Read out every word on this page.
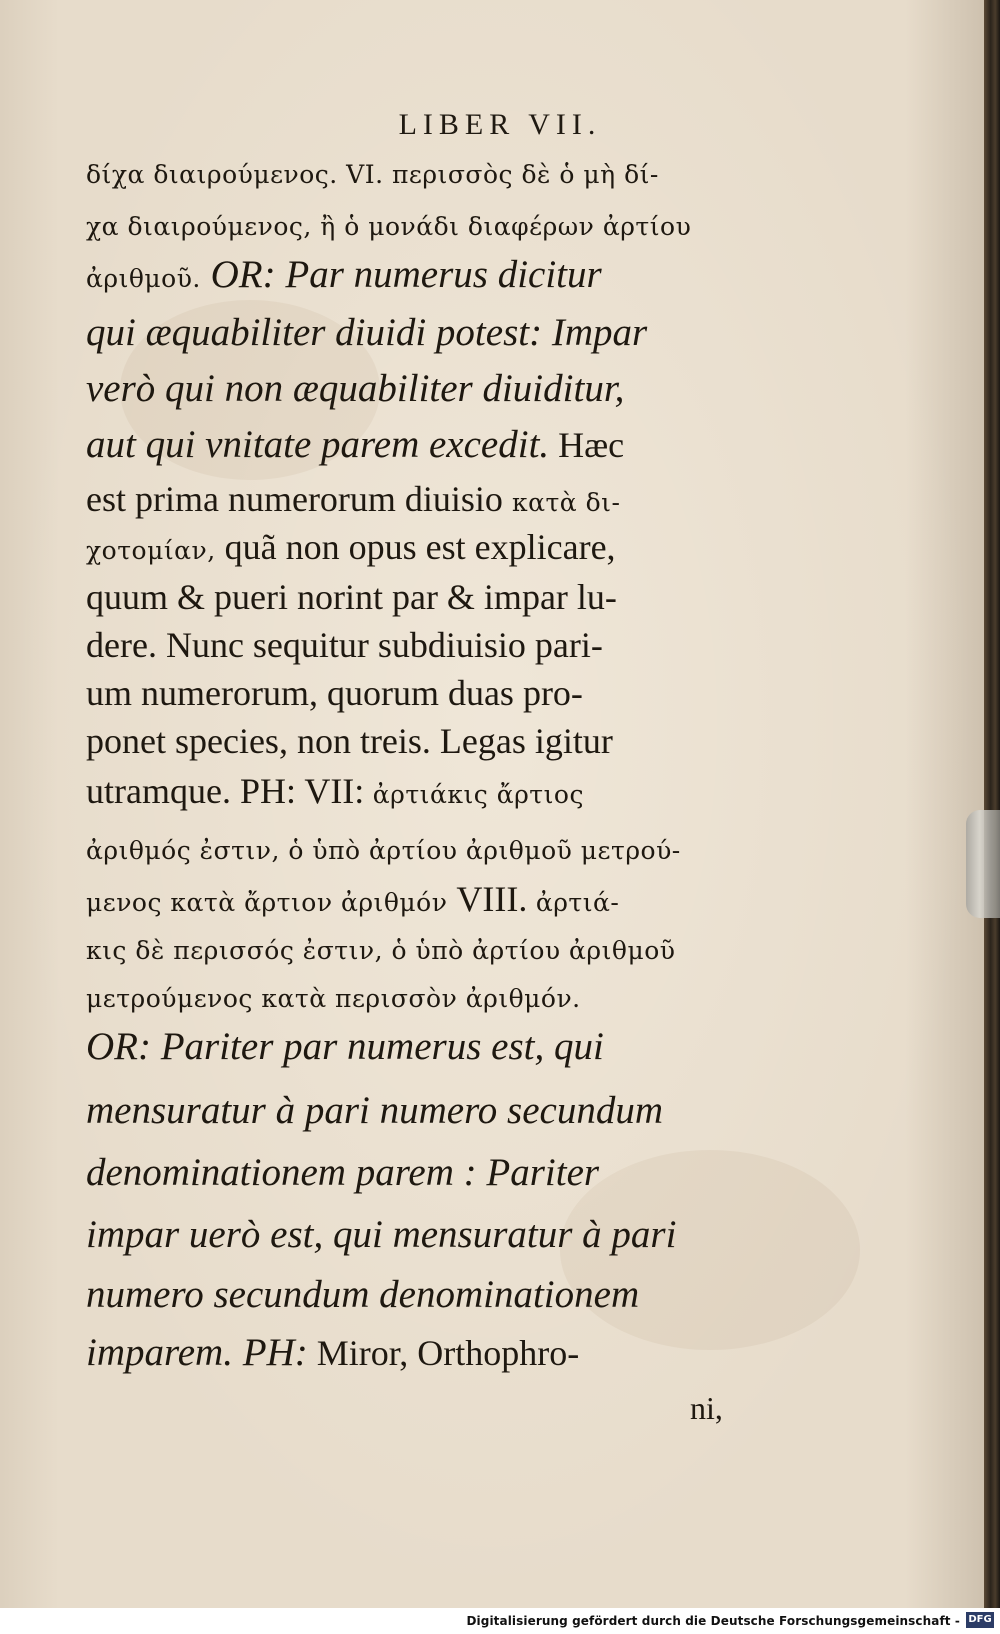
LIBER VII.
δίχα διαιρούμενος. VI. περισσὸς δὲ ὁ μὴ δί-
χα διαιρούμενος, ἢ ὁ μονάδι διαφέρων ἀρτίου
ἀριθμοῦ. OR: Par numerus dicitur
qui æquabiliter diuidi potest: Impar
verò qui non æquabiliter diuiditur,
aut qui vnitate parem excedit. Hæc
est prima numerorum diuisio κατὰ δι-
χοτομίαν, quã non opus est explicare,
quum & pueri norint par & impar lu-
dere. Nunc sequitur subdiuisio pari-
um numerorum, quorum duas pro-
ponet species, non treis. Legas igitur
utramque. PH: VII: ἀρτιάκις ἄρτιος
ἀριθμός ἐστιν, ὁ ὑπὸ ἀρτίου ἀριθμοῦ μετρού-
μενος κατὰ ἄρτιον ἀριθμόν VIII. ἀρτιά-
κις δὲ περισσός ἐστιν, ὁ ὑπὸ ἀρτίου ἀριθμοῦ
μετρούμενος κατὰ περισσὸν ἀριθμόν.
OR: Pariter par numerus est, qui
mensuratur à pari numero secundum
denominationem parem : Pariter
impar uerò est, qui mensuratur à pari
numero secundum denominationem
imparem. PH: Miror, Orthophro-
ni,
Digitalisierung gefördert durch die Deutsche Forschungsgemeinschaft - DFG
